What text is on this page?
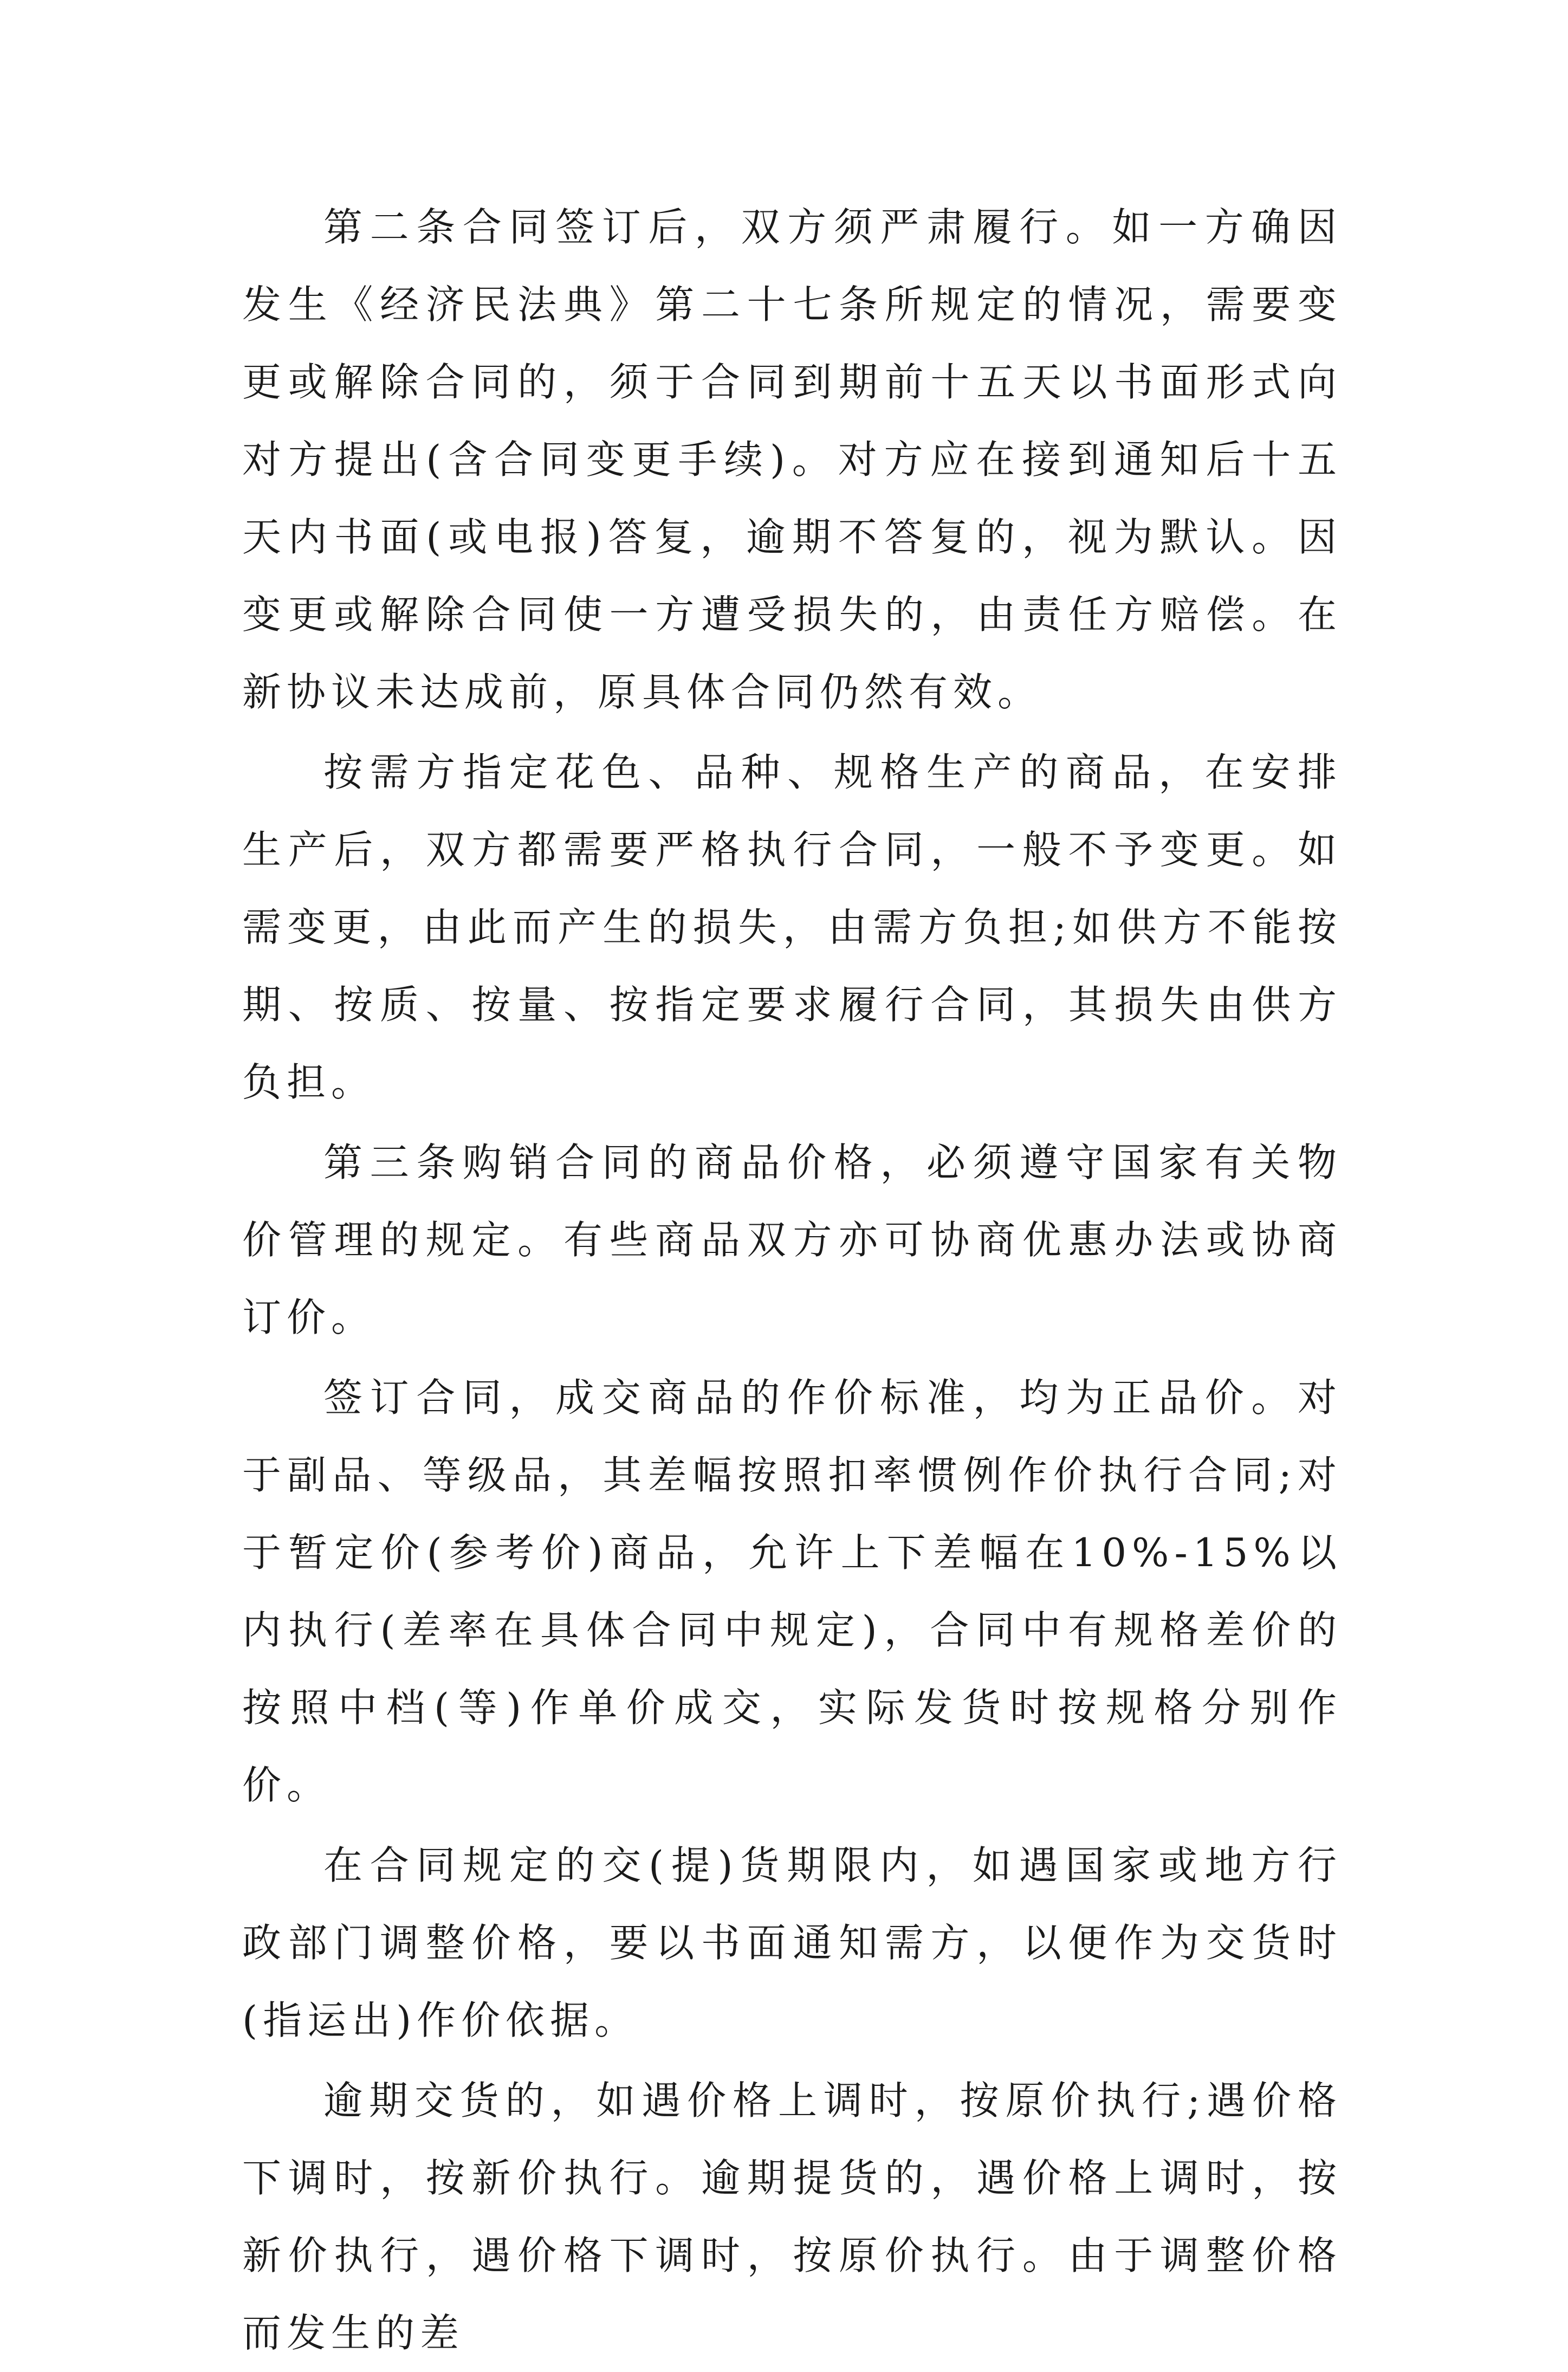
第二条合同签订后，双方须严肃履行。如一方确因发生《经济民法典》第二十七条所规定的情况，需要变更或解除合同的，须于合同到期前十五天以书面形式向对方提出(含合同变更手续)。对方应在接到通知后十五天内书面(或电报)答复，逾期不答复的，视为默认。因变更或解除合同使一方遭受损失的，由责任方赔偿。在新协议未达成前，原具体合同仍然有效。

按需方指定花色、品种、规格生产的商品，在安排生产后，双方都需要严格执行合同，一般不予变更。如需变更，由此而产生的损失，由需方负担;如供方不能按期、按质、按量、按指定要求履行合同，其损失由供方负担。

第三条购销合同的商品价格，必须遵守国家有关物价管理的规定。有些商品双方亦可协商优惠办法或协商订价。

签订合同，成交商品的作价标准，均为正品价。对于副品、等级品，其差幅按照扣率惯例作价执行合同;对于暂定价(参考价)商品，允许上下差幅在10%-15%以内执行(差率在具体合同中规定)，合同中有规格差价的按照中档(等)作单价成交，实际发货时按规格分别作价。

在合同规定的交(提)货期限内，如遇国家或地方行政部门调整价格，要以书面通知需方，以便作为交货时(指运出)作价依据。

逾期交货的，如遇价格上调时，按原价执行;遇价格下调时，按新价执行。逾期提货的，遇价格上调时，按新价执行，遇价格下调时，按原价执行。由于调整价格而发生的差
